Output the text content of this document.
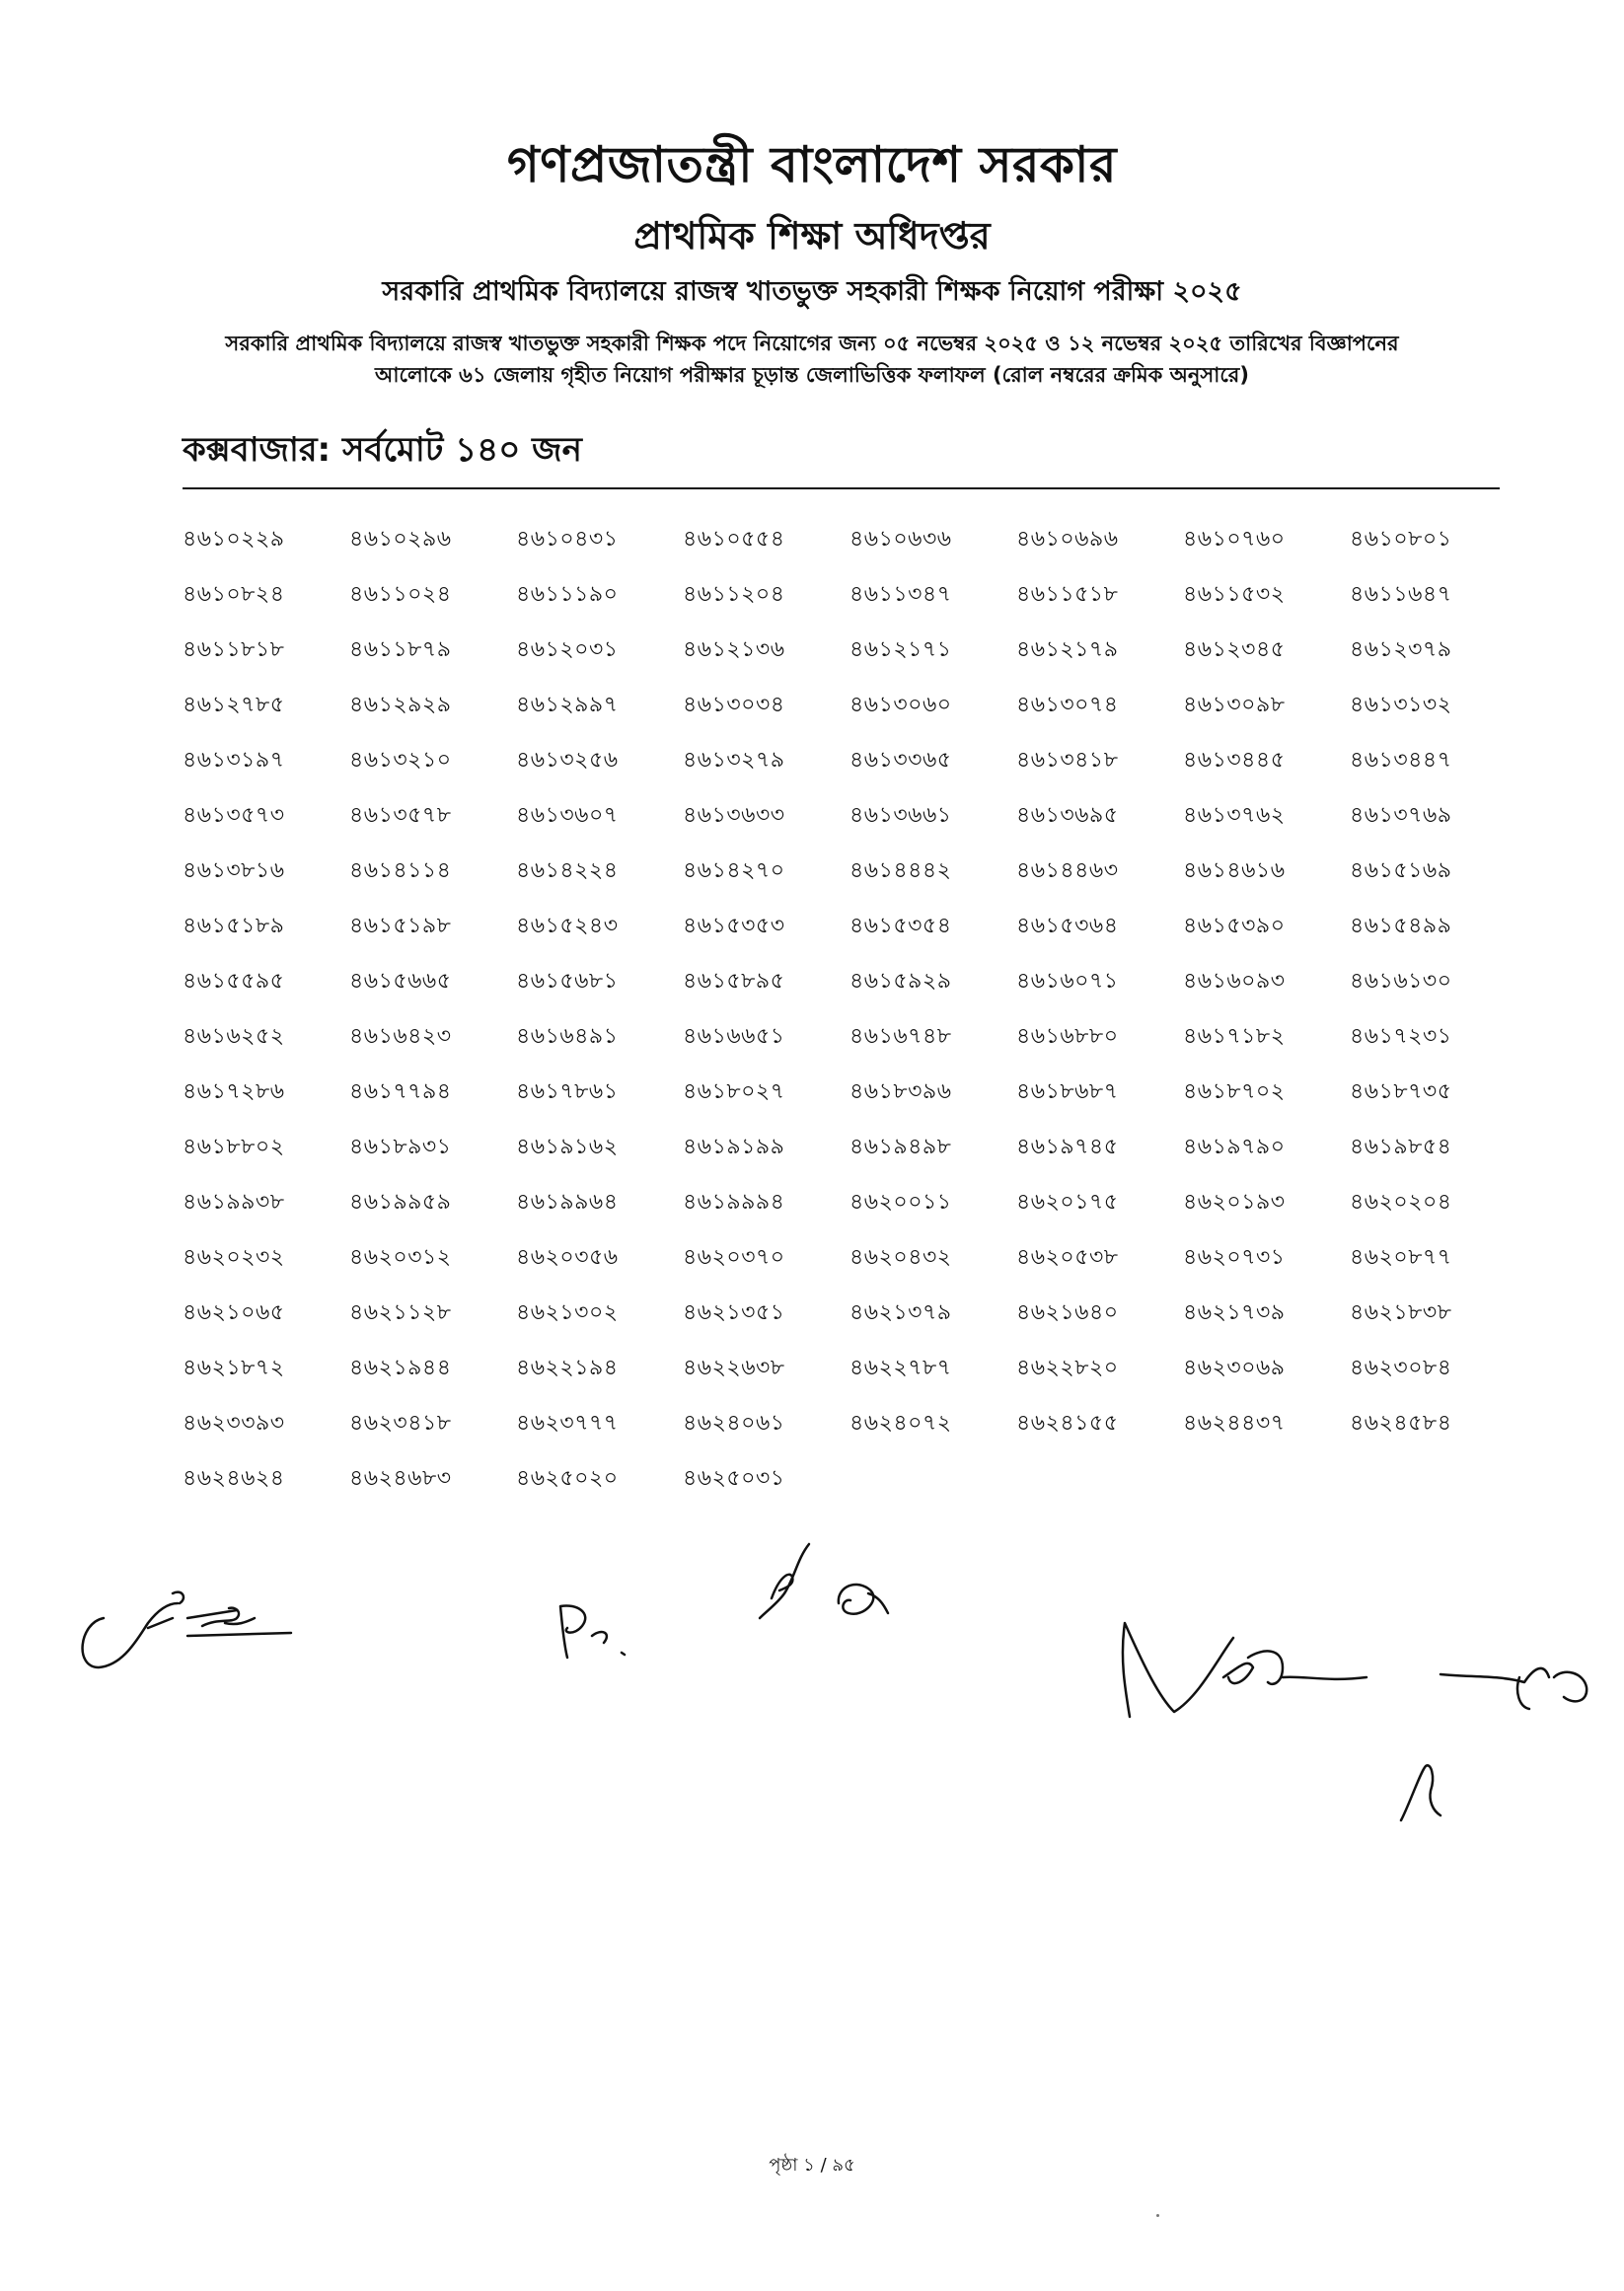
গণপ্রজাতন্ত্রী বাংলাদেশ সরকার
প্রাথমিক শিক্ষা অধিদপ্তর
সরকারি প্রাথমিক বিদ্যালয়ে রাজস্ব খাতভুক্ত সহকারী শিক্ষক নিয়োগ পরীক্ষা ২০২৫
সরকারি প্রাথমিক বিদ্যালয়ে রাজস্ব খাতভুক্ত সহকারী শিক্ষক পদে নিয়োগের জন্য ০৫ নভেম্বর ২০২৫ ও ১২ নভেম্বর ২০২৫ তারিখের বিজ্ঞাপনের
আলোকে ৬১ জেলায় গৃহীত নিয়োগ পরীক্ষার চূড়ান্ত জেলাভিত্তিক ফলাফল (রোল নম্বরের ক্রমিক অনুসারে)
কক্সবাজার: সর্বমোট ১৪০ জন
৪৬১০২২৯	৪৬১০২৯৬	৪৬১০৪৩১	৪৬১০৫৫৪	৪৬১০৬৩৬	৪৬১০৬৯৬	৪৬১০৭৬০	৪৬১০৮০১
৪৬১০৮২৪	৪৬১১০২৪	৪৬১১১৯০	৪৬১১২০৪	৪৬১১৩৪৭	৪৬১১৫১৮	৪৬১১৫৩২	৪৬১১৬৪৭
৪৬১১৮১৮	৪৬১১৮৭৯	৪৬১২০৩১	৪৬১২১৩৬	৪৬১২১৭১	৪৬১২১৭৯	৪৬১২৩৪৫	৪৬১২৩৭৯
৪৬১২৭৮৫	৪৬১২৯২৯	৪৬১২৯৯৭	৪৬১৩০৩৪	৪৬১৩০৬০	৪৬১৩০৭৪	৪৬১৩০৯৮	৪৬১৩১৩২
৪৬১৩১৯৭	৪৬১৩২১০	৪৬১৩২৫৬	৪৬১৩২৭৯	৪৬১৩৩৬৫	৪৬১৩৪১৮	৪৬১৩৪৪৫	৪৬১৩৪৪৭
৪৬১৩৫৭৩	৪৬১৩৫৭৮	৪৬১৩৬০৭	৪৬১৩৬৩৩	৪৬১৩৬৬১	৪৬১৩৬৯৫	৪৬১৩৭৬২	৪৬১৩৭৬৯
৪৬১৩৮১৬	৪৬১৪১১৪	৪৬১৪২২৪	৪৬১৪২৭০	৪৬১৪৪৪২	৪৬১৪৪৬৩	৪৬১৪৬১৬	৪৬১৫১৬৯
৪৬১৫১৮৯	৪৬১৫১৯৮	৪৬১৫২৪৩	৪৬১৫৩৫৩	৪৬১৫৩৫৪	৪৬১৫৩৬৪	৪৬১৫৩৯০	৪৬১৫৪৯৯
৪৬১৫৫৯৫	৪৬১৫৬৬৫	৪৬১৫৬৮১	৪৬১৫৮৯৫	৪৬১৫৯২৯	৪৬১৬০৭১	৪৬১৬০৯৩	৪৬১৬১৩০
৪৬১৬২৫২	৪৬১৬৪২৩	৪৬১৬৪৯১	৪৬১৬৬৫১	৪৬১৬৭৪৮	৪৬১৬৮৮০	৪৬১৭১৮২	৪৬১৭২৩১
৪৬১৭২৮৬	৪৬১৭৭৯৪	৪৬১৭৮৬১	৪৬১৮০২৭	৪৬১৮৩৯৬	৪৬১৮৬৮৭	৪৬১৮৭০২	৪৬১৮৭৩৫
৪৬১৮৮০২	৪৬১৮৯৩১	৪৬১৯১৬২	৪৬১৯১৯৯	৪৬১৯৪৯৮	৪৬১৯৭৪৫	৪৬১৯৭৯০	৪৬১৯৮৫৪
৪৬১৯৯৩৮	৪৬১৯৯৫৯	৪৬১৯৯৬৪	৪৬১৯৯৯৪	৪৬২০০১১	৪৬২০১৭৫	৪৬২০১৯৩	৪৬২০২০৪
৪৬২০২৩২	৪৬২০৩১২	৪৬২০৩৫৬	৪৬২০৩৭০	৪৬২০৪৩২	৪৬২০৫৩৮	৪৬২০৭৩১	৪৬২০৮৭৭
৪৬২১০৬৫	৪৬২১১২৮	৪৬২১৩০২	৪৬২১৩৫১	৪৬২১৩৭৯	৪৬২১৬৪০	৪৬২১৭৩৯	৪৬২১৮৩৮
৪৬২১৮৭২	৪৬২১৯৪৪	৪৬২২১৯৪	৪৬২২৬৩৮	৪৬২২৭৮৭	৪৬২২৮২০	৪৬২৩০৬৯	৪৬২৩০৮৪
৪৬২৩৩৯৩	৪৬২৩৪১৮	৪৬২৩৭৭৭	৪৬২৪০৬১	৪৬২৪০৭২	৪৬২৪১৫৫	৪৬২৪৪৩৭	৪৬২৪৫৮৪
৪৬২৪৬২৪	৪৬২৪৬৮৩	৪৬২৫০২০	৪৬২৫০৩১
পৃষ্ঠা ১ / ৯৫
